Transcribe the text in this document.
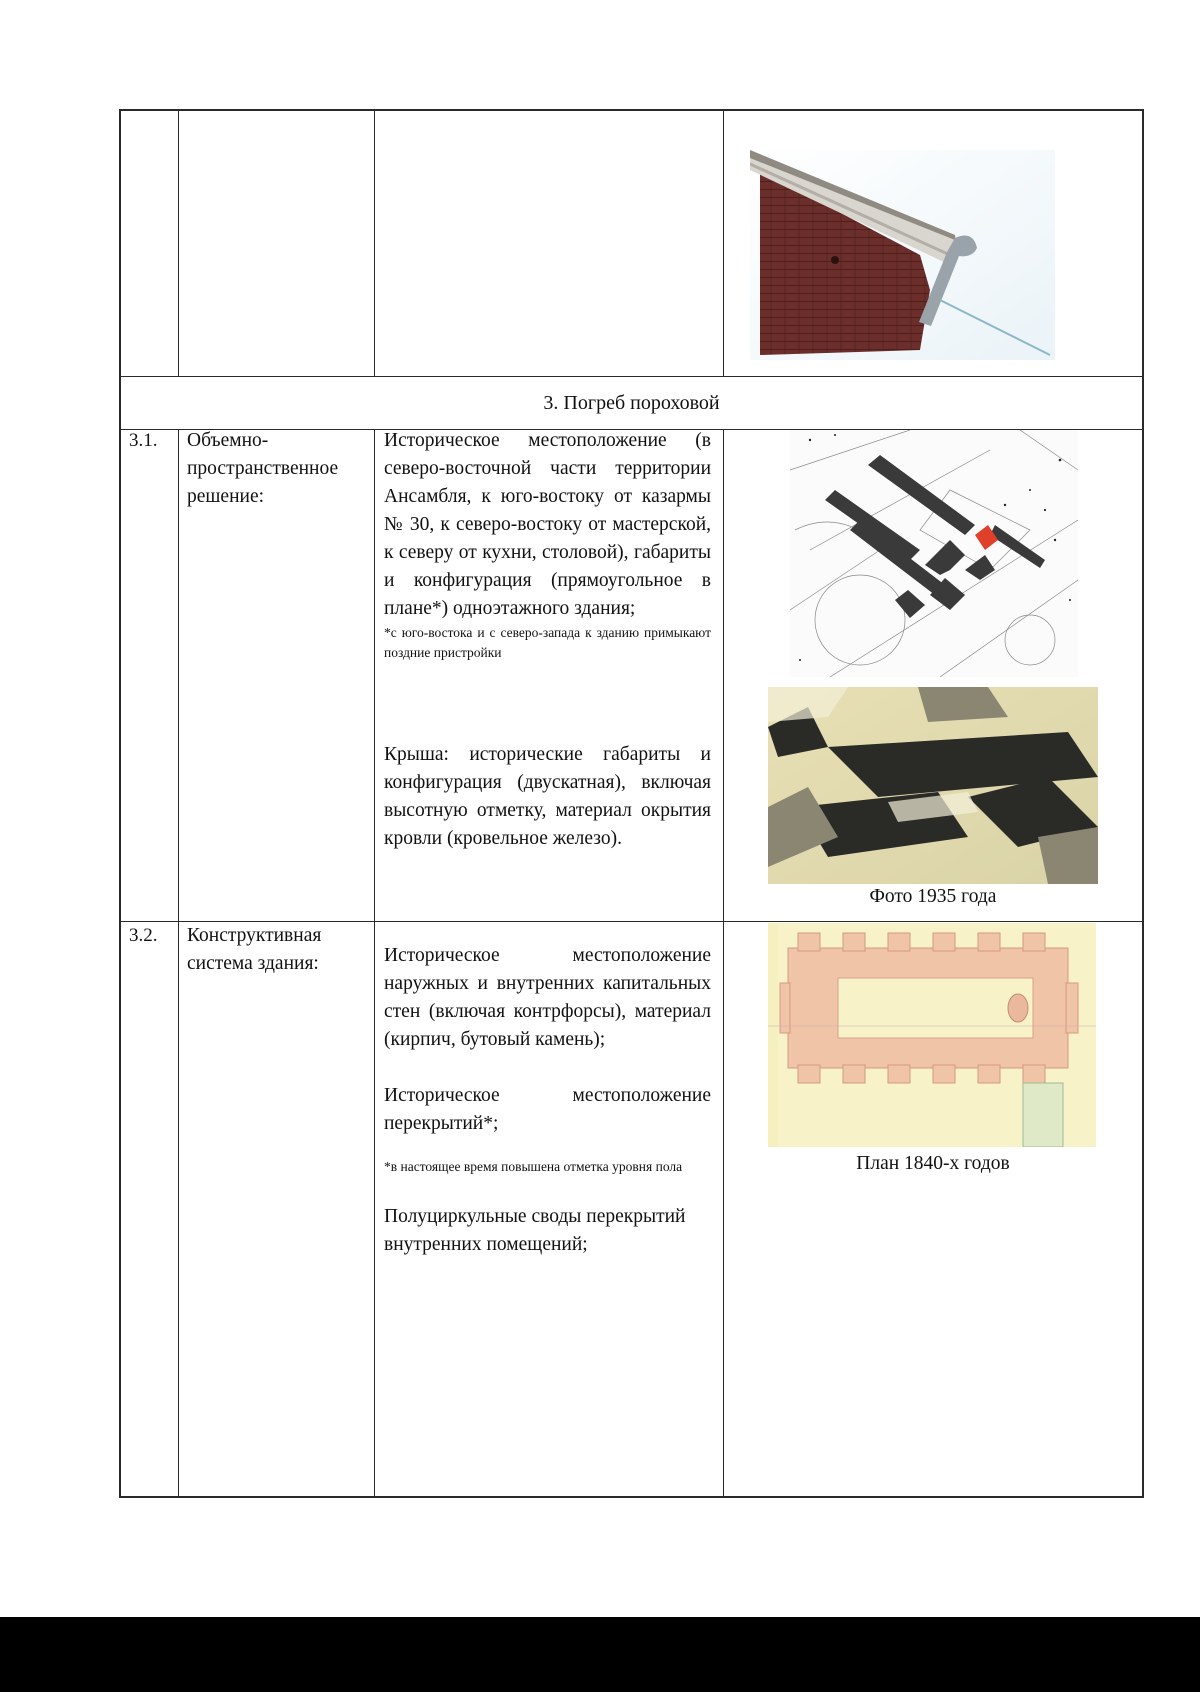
3. Погреб пороховой
3.1. Объемно-пространственное решение:

Историческое местоположение (в северо-восточной части территории Ансамбля, к юго-востоку от казармы № 30, к северо-востоку от мастерской, к северу от кухни, столовой), габариты и конфигурация (прямоугольное в плане*) одноэтажного здания;

*с юго-востока и с северо-запада к зданию примыкают поздние пристройки

Крыша: исторические габариты и конфигурация (двускатная), включая высотную отметку, материал окрытия кровли (кровельное железо).

Фото 1935 года
3.2. Конструктивная система здания:	Историческое местоположение наружных и внутренних капитальных стен (включая контрфорсы), материал (кирпич, бутовый камень);

Историческое местоположение перекрытий*;

*в настоящее время повышена отметка уровня пола

Полуциркульные своды перекрытий внутренних помещений;

План 1840-х годов
